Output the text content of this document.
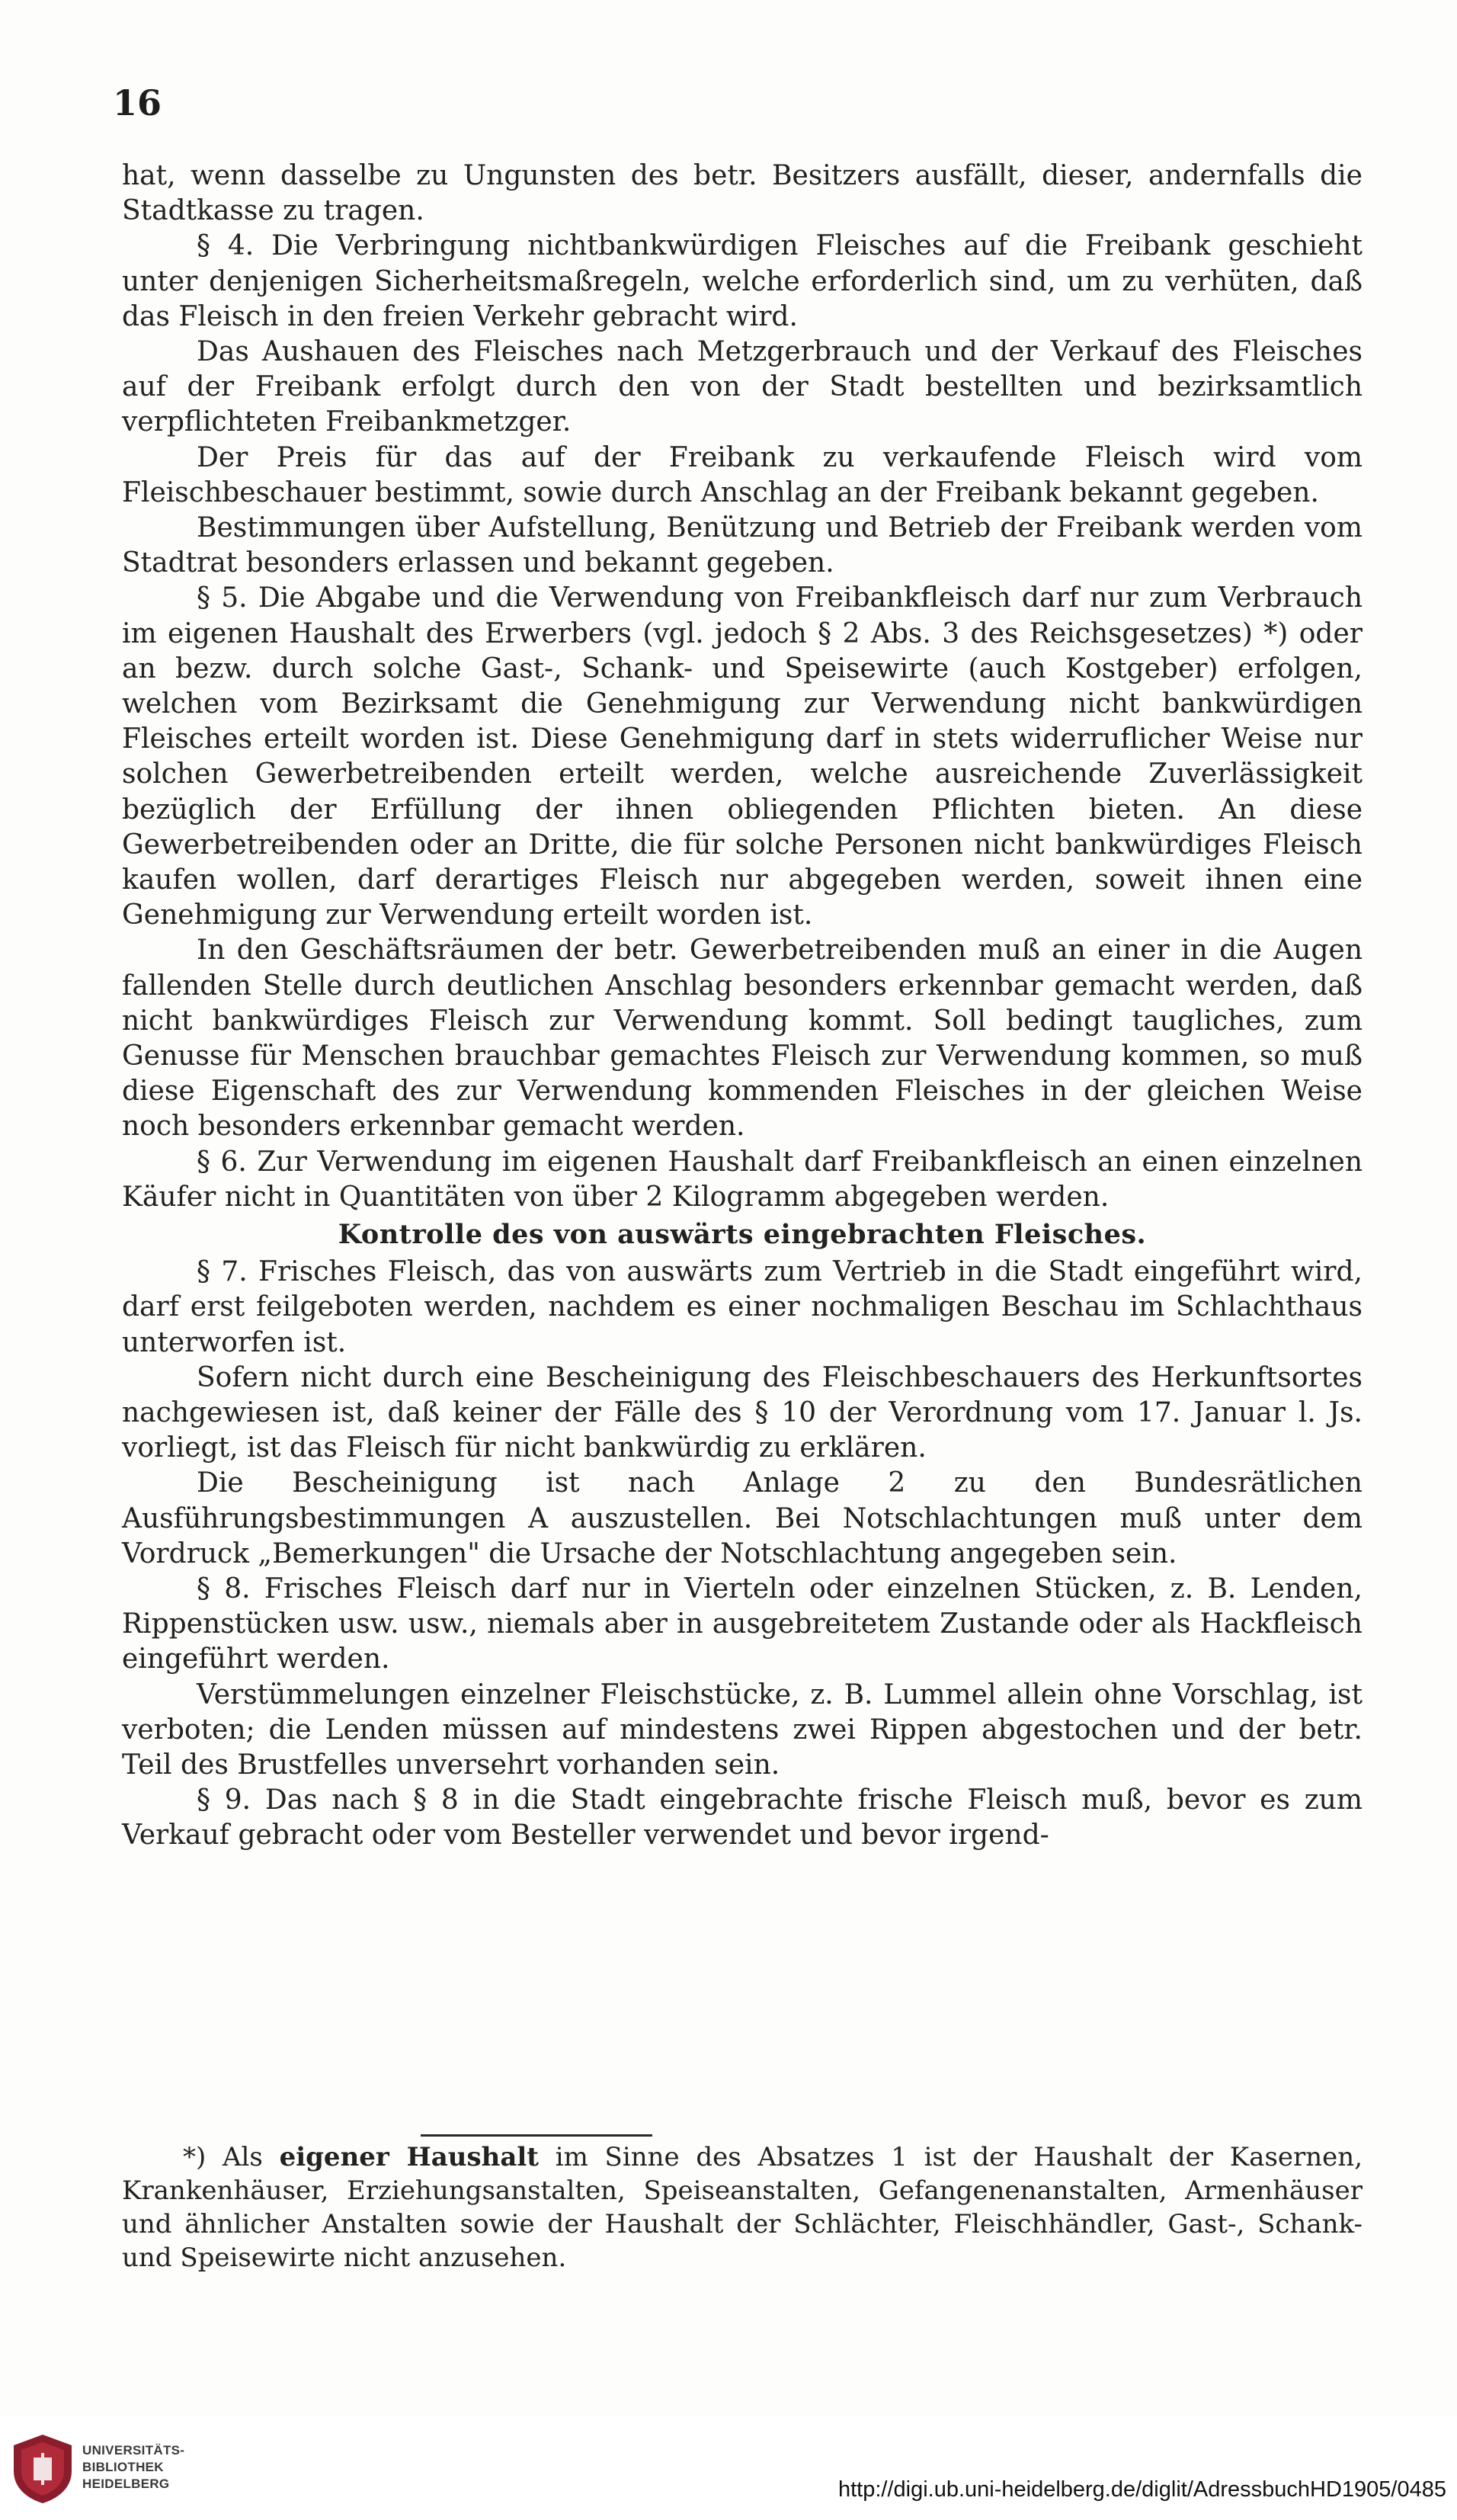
16

hat, wenn dasselbe zu Ungunsten des betr. Besitzers ausfällt, dieser, andernfalls die Stadtkasse zu tragen.

§ 4. Die Verbringung nichtbankwürdigen Fleisches auf die Freibank geschieht unter denjenigen Sicherheitsmaßregeln, welche erforderlich sind, um zu verhüten, daß das Fleisch in den freien Verkehr gebracht wird.

Das Aushauen des Fleisches nach Metzgerbrauch und der Verkauf des Fleisches auf der Freibank erfolgt durch den von der Stadt bestellten und bezirksamtlich verpflichteten Freibankmetzger.

Der Preis für das auf der Freibank zu verkaufende Fleisch wird vom Fleischbeschauer bestimmt, sowie durch Anschlag an der Freibank bekannt gegeben.

Bestimmungen über Aufstellung, Benützung und Betrieb der Freibank werden vom Stadtrat besonders erlassen und bekannt gegeben.

§ 5. Die Abgabe und die Verwendung von Freibankfleisch darf nur zum Verbrauch im eigenen Haushalt des Erwerbers (vgl. jedoch § 2 Abs. 3 des Reichsgesetzes) *) oder an bezw. durch solche Gast-, Schank- und Speisewirte (auch Kostgeber) erfolgen, welchen vom Bezirksamt die Genehmigung zur Verwendung nicht bankwürdigen Fleisches erteilt worden ist. Diese Genehmigung darf in stets widerruflicher Weise nur solchen Gewerbetreibenden erteilt werden, welche ausreichende Zuverlässigkeit bezüglich der Erfüllung der ihnen obliegenden Pflichten bieten. An diese Gewerbetreibenden oder an Dritte, die für solche Personen nicht bankwürdiges Fleisch kaufen wollen, darf derartiges Fleisch nur abgegeben werden, soweit ihnen eine Genehmigung zur Verwendung erteilt worden ist.

In den Geschäftsräumen der betr. Gewerbetreibenden muß an einer in die Augen fallenden Stelle durch deutlichen Anschlag besonders erkennbar gemacht werden, daß nicht bankwürdiges Fleisch zur Verwendung kommt. Soll bedingt taugliches, zum Genusse für Menschen brauchbar gemachtes Fleisch zur Verwendung kommen, so muß diese Eigenschaft des zur Verwendung kommenden Fleisches in der gleichen Weise noch besonders erkennbar gemacht werden.

§ 6. Zur Verwendung im eigenen Haushalt darf Freibankfleisch an einen einzelnen Käufer nicht in Quantitäten von über 2 Kilogramm abgegeben werden.

Kontrolle des von auswärts eingebrachten Fleisches.

§ 7. Frisches Fleisch, das von auswärts zum Vertrieb in die Stadt eingeführt wird, darf erst feilgeboten werden, nachdem es einer nochmaligen Beschau im Schlachthaus unterworfen ist.

Sofern nicht durch eine Bescheinigung des Fleischbeschauers des Herkunftsortes nachgewiesen ist, daß keiner der Fälle des § 10 der Verordnung vom 17. Januar l. Js. vorliegt, ist das Fleisch für nicht bankwürdig zu erklären.

Die Bescheinigung ist nach Anlage 2 zu den Bundesrätlichen Ausführungsbestimmungen A auszustellen. Bei Notschlachtungen muß unter dem Vordruck „Bemerkungen" die Ursache der Notschlachtung angegeben sein.

§ 8. Frisches Fleisch darf nur in Vierteln oder einzelnen Stücken, z. B. Lenden, Rippenstücken usw. usw., niemals aber in ausgebreitetem Zustande oder als Hackfleisch eingeführt werden.

Verstümmelungen einzelner Fleischstücke, z. B. Lummel allein ohne Vorschlag, ist verboten; die Lenden müssen auf mindestens zwei Rippen abgestochen und der betr. Teil des Brustfelles unversehrt vorhanden sein.

§ 9. Das nach § 8 in die Stadt eingebrachte frische Fleisch muß, bevor es zum Verkauf gebracht oder vom Besteller verwendet und bevor irgend-

*) Als eigener Haushalt im Sinne des Absatzes 1 ist der Haushalt der Kasernen, Krankenhäuser, Erziehungsanstalten, Speiseanstalten, Gefangenenanstalten, Armenhäuser und ähnlicher Anstalten sowie der Haushalt der Schlächter, Fleischhändler, Gast-, Schank- und Speisewirte nicht anzusehen.

UNIVERSITÄTS-
BIBLIOTHEK
HEIDELBERG	http://digi.ub.uni-heidelberg.de/diglit/AdressbuchHD1905/0485
